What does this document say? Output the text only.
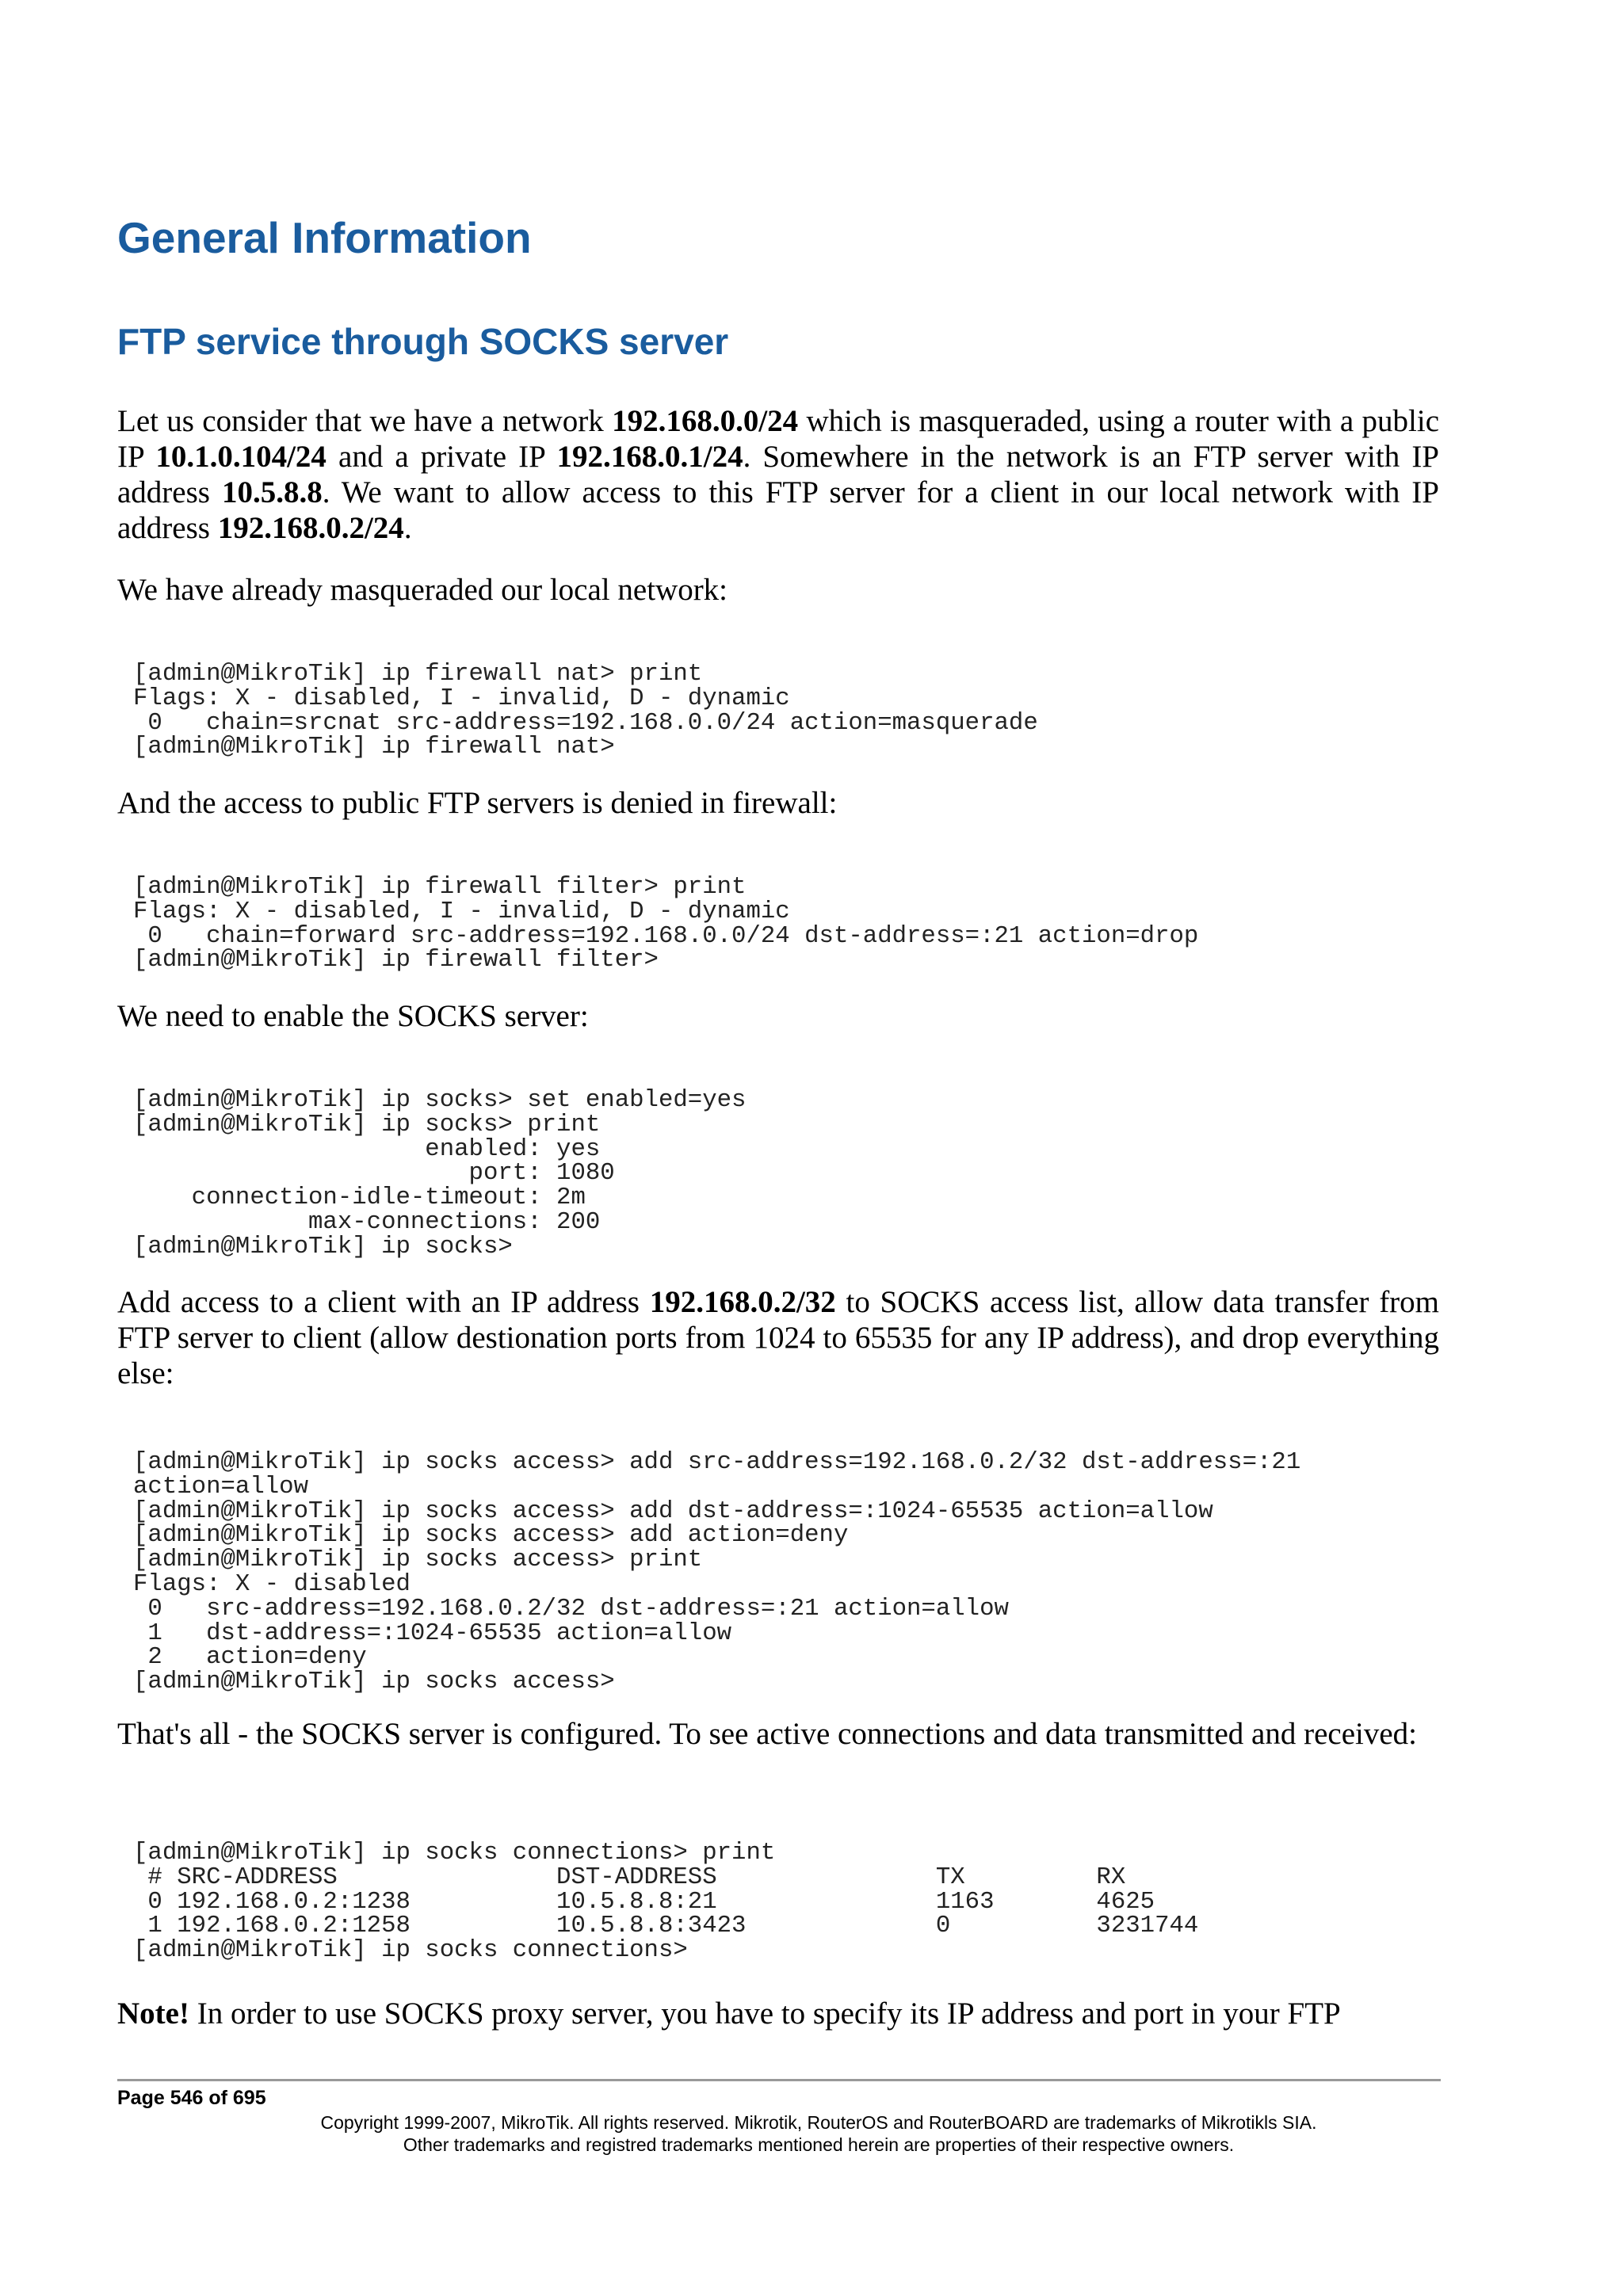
General Information
FTP service through SOCKS server

Let us consider that we have a network 192.168.0.0/24 which is masqueraded, using a router with a public IP 10.1.0.104/24 and a private IP 192.168.0.1/24. Somewhere in the network is an FTP server with IP address 10.5.8.8. We want to allow access to this FTP server for a client in our local network with IP address 192.168.0.2/24.

We have already masqueraded our local network:

[admin@MikroTik] ip firewall nat> print
Flags: X - disabled, I - invalid, D - dynamic
0   chain=srcnat src-address=192.168.0.0/24 action=masquerade
[admin@MikroTik] ip firewall nat>

And the access to public FTP servers is denied in firewall:

[admin@MikroTik] ip firewall filter> print
Flags: X - disabled, I - invalid, D - dynamic
0   chain=forward src-address=192.168.0.0/24 dst-address=:21 action=drop
[admin@MikroTik] ip firewall filter>

We need to enable the SOCKS server:

[admin@MikroTik] ip socks> set enabled=yes
[admin@MikroTik] ip socks> print
enabled: yes
port: 1080
connection-idle-timeout: 2m
max-connections: 200
[admin@MikroTik] ip socks>

Add access to a client with an IP address 192.168.0.2/32 to SOCKS access list, allow data transfer from FTP server to client (allow destionation ports from 1024 to 65535 for any IP address), and drop everything else:

[admin@MikroTik] ip socks access> add src-address=192.168.0.2/32 dst-address=:21
action=allow
[admin@MikroTik] ip socks access> add dst-address=:1024-65535 action=allow
[admin@MikroTik] ip socks access> add action=deny
[admin@MikroTik] ip socks access> print
Flags: X - disabled
0   src-address=192.168.0.2/32 dst-address=:21 action=allow
1   dst-address=:1024-65535 action=allow
2   action=deny
[admin@MikroTik] ip socks access>

That's all - the SOCKS server is configured. To see active connections and data transmitted and received:

[admin@MikroTik] ip socks connections> print
# SRC-ADDRESS               DST-ADDRESS               TX         RX
0 192.168.0.2:1238          10.5.8.8:21               1163       4625
1 192.168.0.2:1258          10.5.8.8:3423             0          3231744
[admin@MikroTik] ip socks connections>

Note! In order to use SOCKS proxy server, you have to specify its IP address and port in your FTP

Page 546 of 695
Copyright 1999-2007, MikroTik. All rights reserved. Mikrotik, RouterOS and RouterBOARD are trademarks of Mikrotikls SIA.
Other trademarks and registred trademarks mentioned herein are properties of their respective owners.
